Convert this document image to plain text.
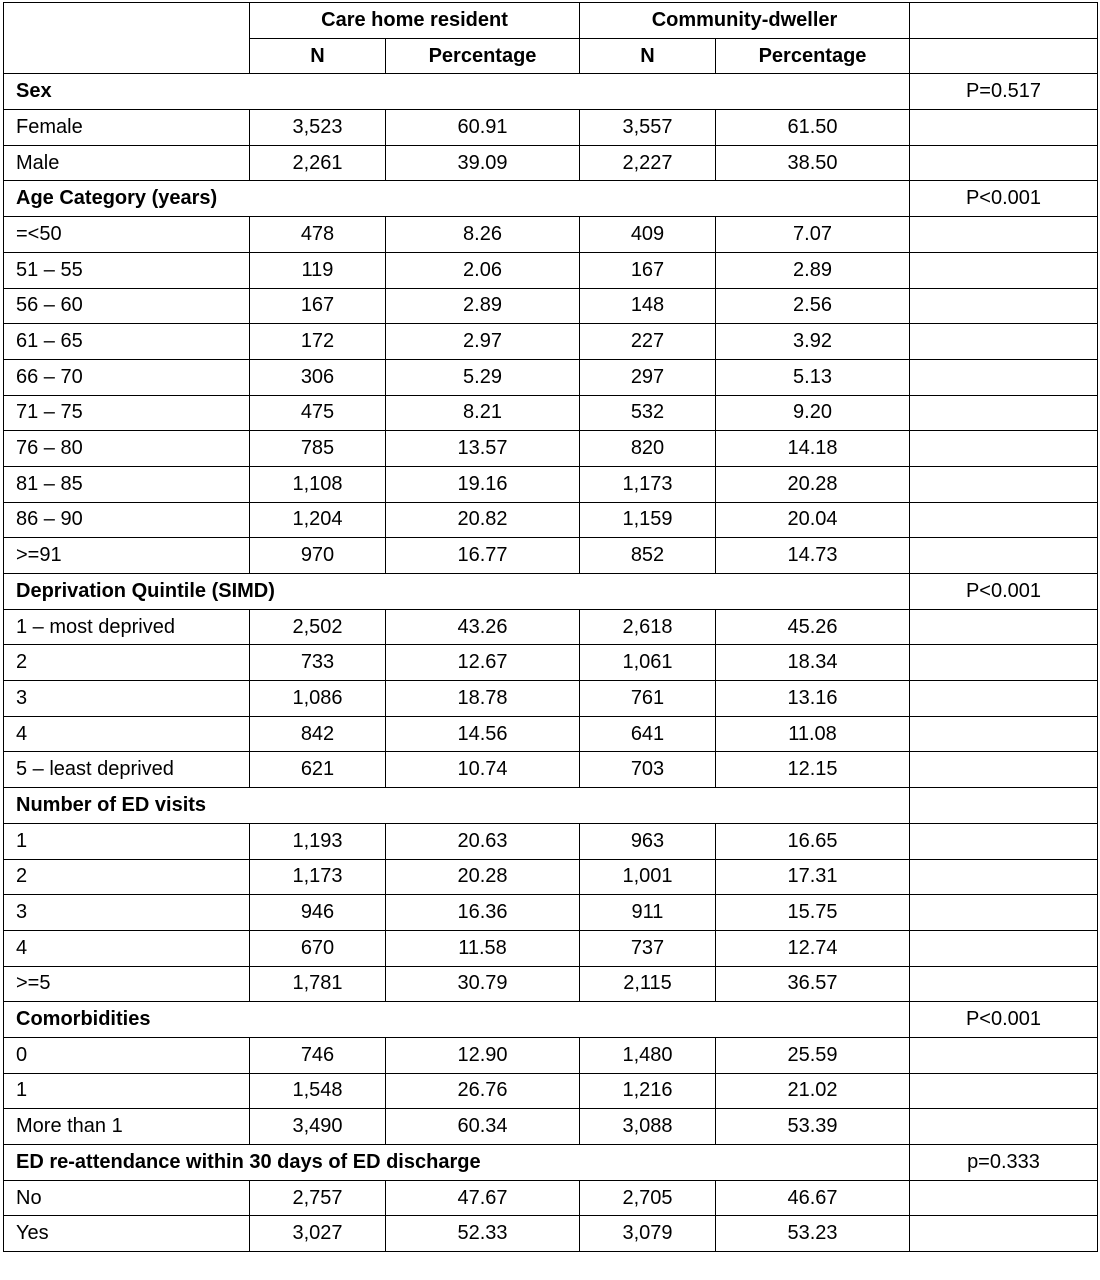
	Care home resident		Community-dweller		
	N	Percentage	N	Percentage	
Sex					P=0.517
Female	3,523	60.91	3,557	61.50	
Male	2,261	39.09	2,227	38.50	
Age Category (years)					P<0.001
=<50	478	8.26	409	7.07	
51 – 55	119	2.06	167	2.89	
56 – 60	167	2.89	148	2.56	
61 – 65	172	2.97	227	3.92	
66 – 70	306	5.29	297	5.13	
71 – 75	475	8.21	532	9.20	
76 – 80	785	13.57	820	14.18	
81 – 85	1,108	19.16	1,173	20.28	
86 – 90	1,204	20.82	1,159	20.04	
>=91	970	16.77	852	14.73	
Deprivation Quintile (SIMD)					P<0.001
1 – most deprived	2,502	43.26	2,618	45.26	
2	733	12.67	1,061	18.34	
3	1,086	18.78	761	13.16	
4	842	14.56	641	11.08	
5 – least deprived	621	10.74	703	12.15	
Number of ED visits					
1	1,193	20.63	963	16.65	
2	1,173	20.28	1,001	17.31	
3	946	16.36	911	15.75	
4	670	11.58	737	12.74	
>=5	1,781	30.79	2,115	36.57	
Comorbidities					P<0.001
0	746	12.90	1,480	25.59	
1	1,548	26.76	1,216	21.02	
More than 1	3,490	60.34	3,088	53.39	
ED re-attendance within 30 days of ED discharge					p=0.333
No	2,757	47.67	2,705	46.67	
Yes	3,027	52.33	3,079	53.23	
